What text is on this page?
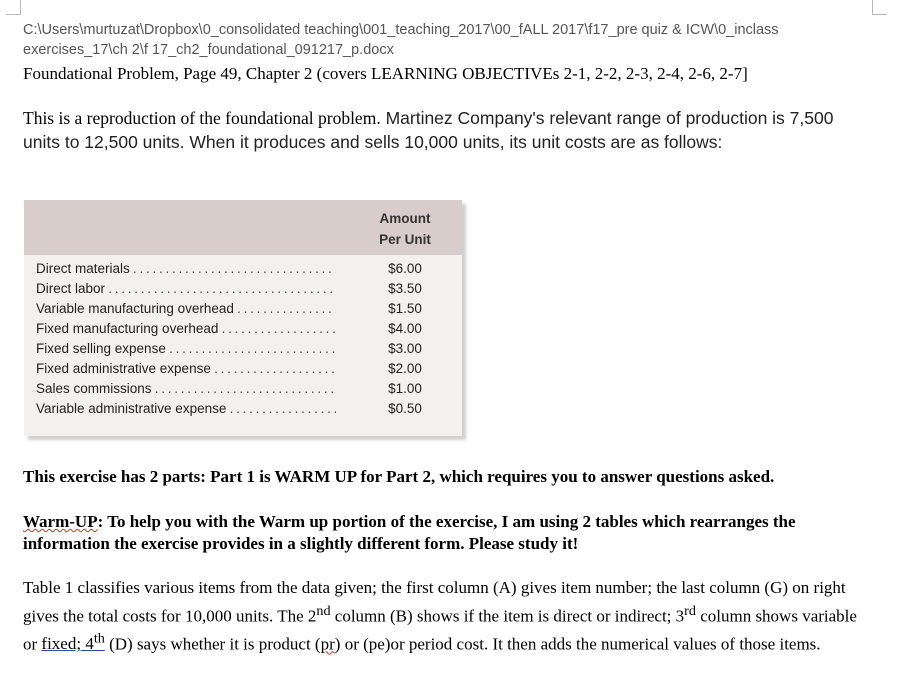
C:\Users\murtuzat\Dropbox\0_consolidated teaching\001_teaching_2017\00_fALL 2017\f17_pre quiz & ICW\0_inclass exercises_17\ch 2\f 17_ch2_foundational_091217_p.docx
Foundational Problem, Page 49, Chapter 2 (covers LEARNING OBJECTIVEs 2-1, 2-2, 2-3, 2-4, 2-6, 2-7]
This is a reproduction of the foundational problem. Martinez Company's relevant range of production is 7,500 units to 12,500 units. When it produces and sells 10,000 units, its unit costs are as follows:
Amount
Per Unit
Direct materials . . .	$6.00
Direct labor . . .	$3.50
Variable manufacturing overhead . . .	$1.50
Fixed manufacturing overhead . . .	$4.00
Fixed selling expense . . .	$3.00
Fixed administrative expense . . .	$2.00
Sales commissions . . .	$1.00
Variable administrative expense . . .	$0.50
This exercise has 2 parts: Part 1 is WARM UP for Part 2, which requires you to answer questions asked.
Warm-UP: To help you with the Warm up portion of the exercise, I am using 2 tables which rearranges the information the exercise provides in a slightly different form. Please study it!
Table 1 classifies various items from the data given; the first column (A) gives item number; the last column (G) on right gives the total costs for 10,000 units. The 2nd column (B) shows if the item is direct or indirect; 3rd column shows variable or fixed; 4th (D) says whether it is product (pr) or (pe)or period cost. It then adds the numerical values of those items.
